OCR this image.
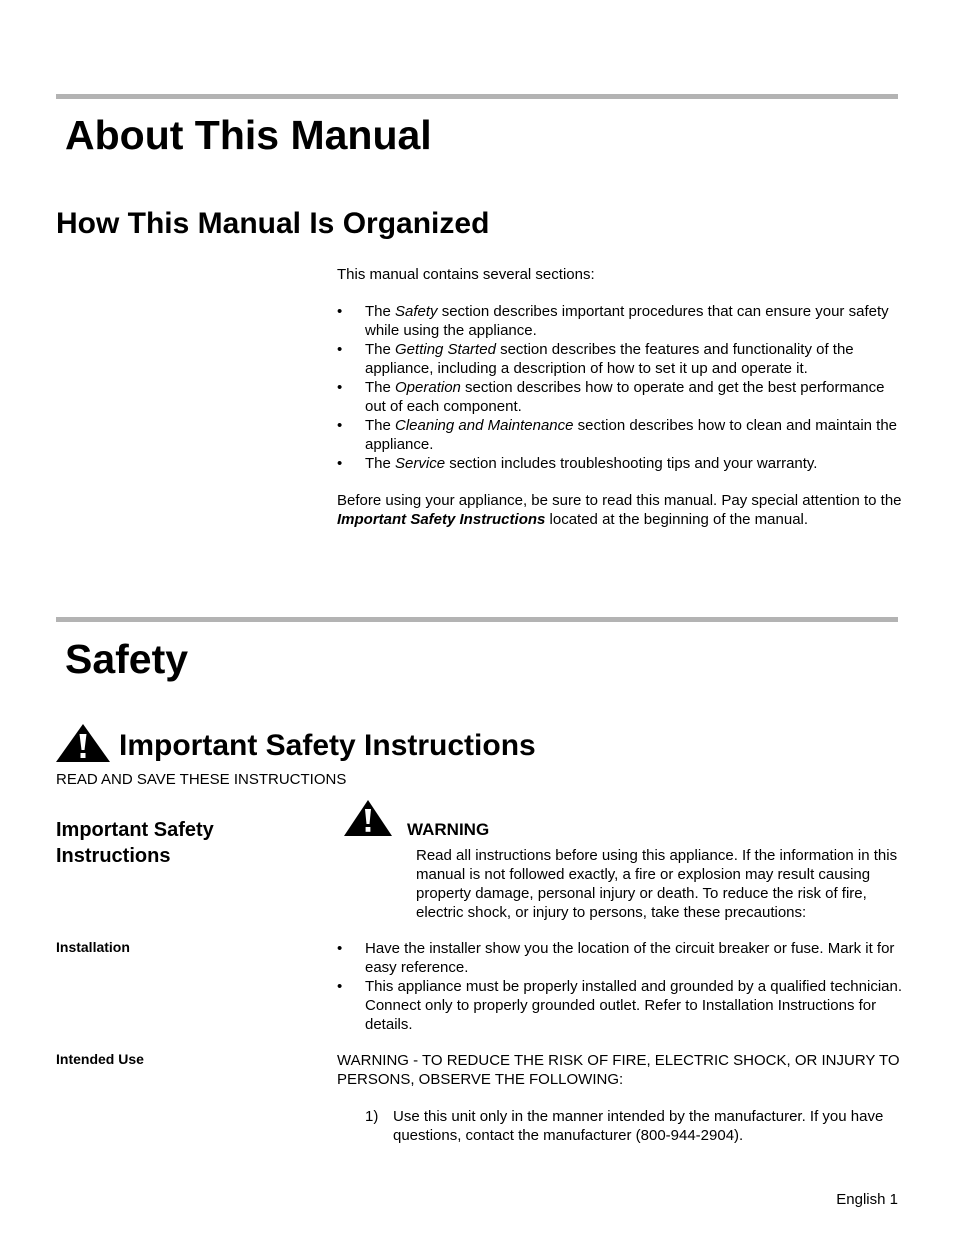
About This Manual
How This Manual Is Organized
This manual contains several sections:
• The Safety section describes important procedures that can ensure your safety while using the appliance.
• The Getting Started section describes the features and functionality of the appliance, including a description of how to set it up and operate it.
• The Operation section describes how to operate and get the best performance out of each component.
• The Cleaning and Maintenance section describes how to clean and maintain the appliance.
• The Service section includes troubleshooting tips and your warranty.

Before using your appliance, be sure to read this manual. Pay special attention to the Important Safety Instructions located at the beginning of the manual.

Safety
Important Safety Instructions
READ AND SAVE THESE INSTRUCTIONS
Important Safety Instructions
WARNING
Read all instructions before using this appliance. If the information in this manual is not followed exactly, a fire or explosion may result causing property damage, personal injury or death. To reduce the risk of fire, electric shock, or injury to persons, take these precautions:
Installation	• Have the installer show you the location of the circuit breaker or fuse. Mark it for easy reference.
• This appliance must be properly installed and grounded by a qualified technician. Connect only to properly grounded outlet. Refer to Installation Instructions for details.
Intended Use	WARNING - TO REDUCE THE RISK OF FIRE, ELECTRIC SHOCK, OR INJURY TO PERSONS, OBSERVE THE FOLLOWING:
1) Use this unit only in the manner intended by the manufacturer. If you have questions, contact the manufacturer (800-944-2904).
English 1
